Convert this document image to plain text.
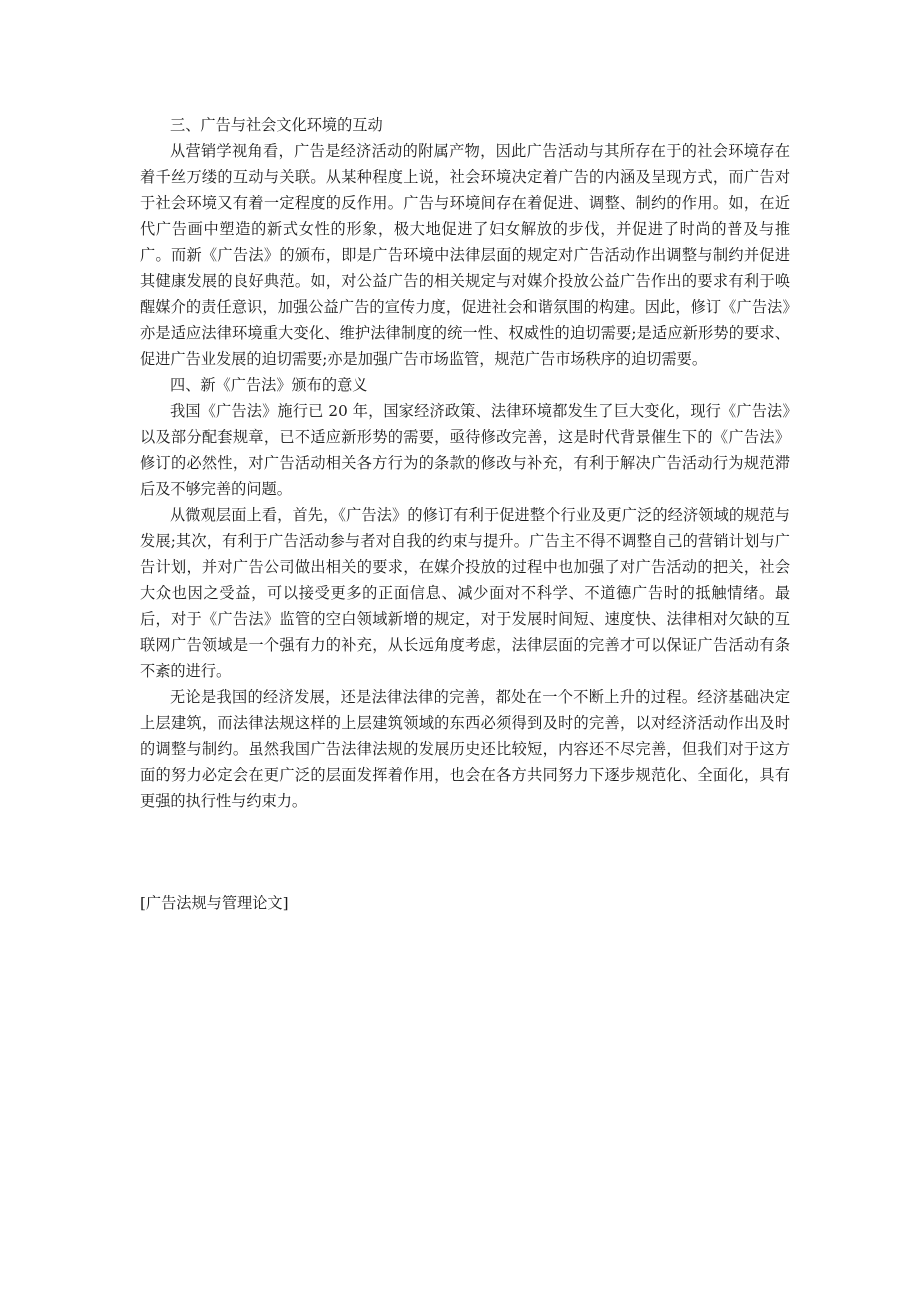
三、广告与社会文化环境的互动

从营销学视角看，广告是经济活动的附属产物，因此广告活动与其所存在于的社会环境存在着千丝万缕的互动与关联。从某种程度上说，社会环境决定着广告的内涵及呈现方式，而广告对于社会环境又有着一定程度的反作用。广告与环境间存在着促进、调整、制约的作用。如，在近代广告画中塑造的新式女性的形象，极大地促进了妇女解放的步伐，并促进了时尚的普及与推广。而新《广告法》的颁布，即是广告环境中法律层面的规定对广告活动作出调整与制约并促进其健康发展的良好典范。如，对公益广告的相关规定与对媒介投放公益广告作出的要求有利于唤醒媒介的责任意识，加强公益广告的宣传力度，促进社会和谐氛围的构建。因此，修订《广告法》亦是适应法律环境重大变化、维护法律制度的统一性、权威性的迫切需要;是适应新形势的要求、促进广告业发展的迫切需要;亦是加强广告市场监管，规范广告市场秩序的迫切需要。

四、新《广告法》颁布的意义

我国《广告法》施行已 20 年，国家经济政策、法律环境都发生了巨大变化，现行《广告法》以及部分配套规章，已不适应新形势的需要，亟待修改完善，这是时代背景催生下的《广告法》修订的必然性，对广告活动相关各方行为的条款的修改与补充，有利于解决广告活动行为规范滞后及不够完善的问题。

从微观层面上看，首先，《广告法》的修订有利于促进整个行业及更广泛的经济领域的规范与发展;其次，有利于广告活动参与者对自我的约束与提升。广告主不得不调整自己的营销计划与广告计划，并对广告公司做出相关的要求，在媒介投放的过程中也加强了对广告活动的把关，社会大众也因之受益，可以接受更多的正面信息、减少面对不科学、不道德广告时的抵触情绪。最后，对于《广告法》监管的空白领域新增的规定，对于发展时间短、速度快、法律相对欠缺的互联网广告领域是一个强有力的补充，从长远角度考虑，法律层面的完善才可以保证广告活动有条不紊的进行。

无论是我国的经济发展，还是法律法律的完善，都处在一个不断上升的过程。经济基础决定上层建筑，而法律法规这样的上层建筑领域的东西必须得到及时的完善，以对经济活动作出及时的调整与制约。虽然我国广告法律法规的发展历史还比较短，内容还不尽完善，但我们对于这方面的努力必定会在更广泛的层面发挥着作用，也会在各方共同努力下逐步规范化、全面化，具有更强的执行性与约束力。

[广告法规与管理论文]
